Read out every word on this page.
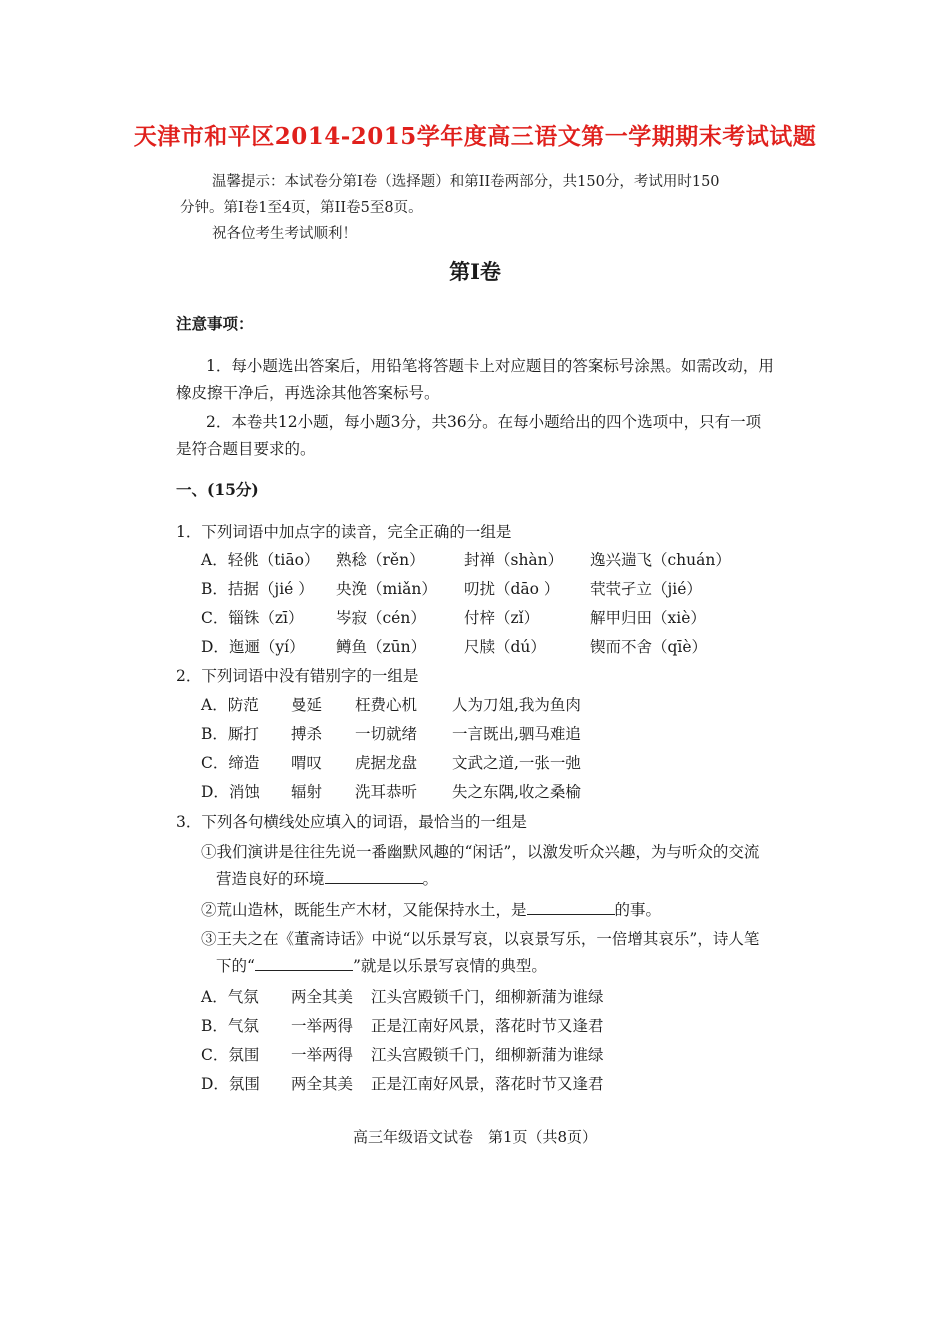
天津市和平区2014-2015学年度高三语文第一学期期末考试试题
温馨提示：本试卷分第I卷（选择题）和第II卷两部分，共150分，考试用时150
分钟。第I卷1至4页，第II卷5至8页。
祝各位考生考试顺利！
第I卷
注意事项：
1．每小题选出答案后，用铅笔将答题卡上对应题目的答案标号涂黑。如需改动，用
橡皮擦干净后，再选涂其他答案标号。
2．本卷共12小题，每小题3分，共36分。在每小题给出的四个选项中，只有一项
是符合题目要求的。
一、(15分)
1．下列词语中加点字的读音，完全正确的一组是
A．轻佻（tiāo） 熟稔（rěn）	封禅（shàn） 逸兴遄飞（chuán）
B．拮据（jié ） 央浼（miǎn） 叨扰（dāo ） 茕茕孑立（jié）
C．锱铢（zī） 岑寂（cén） 付梓（zǐ）	解甲归田（xiè）
D．迤逦（yí） 鳟鱼（zūn） 尺牍（dú）	锲而不舍（qīè）
2．下列词语中没有错别字的一组是
A．防范 曼延 枉费心机 人为刀俎,我为鱼肉
B．厮打 搏杀 一切就绪 一言既出,驷马难追
C．缔造 喟叹 虎据龙盘 文武之道,一张一弛
D．消蚀 辐射 洗耳恭听 失之东隅,收之桑榆
3．下列各句横线处应填入的词语，最恰当的一组是
①我们演讲是往往先说一番幽默风趣的“闲话”，以激发听众兴趣，为与听众的交流
营造良好的环境	。
②荒山造林，既能生产木材，又能保持水土，是	的事。
③王夫之在《董斋诗话》中说“以乐景写哀，以哀景写乐，一倍增其哀乐”，诗人笔
下的“	”就是以乐景写哀情的典型。
A．气氛 两全其美 江头宫殿锁千门，细柳新蒲为谁绿
B．气氛 一举两得 正是江南好风景，落花时节又逢君
C．氛围 一举两得 江头宫殿锁千门，细柳新蒲为谁绿
D．氛围 两全其美 正是江南好风景，落花时节又逢君
高三年级语文试卷　第1页（共8页）
